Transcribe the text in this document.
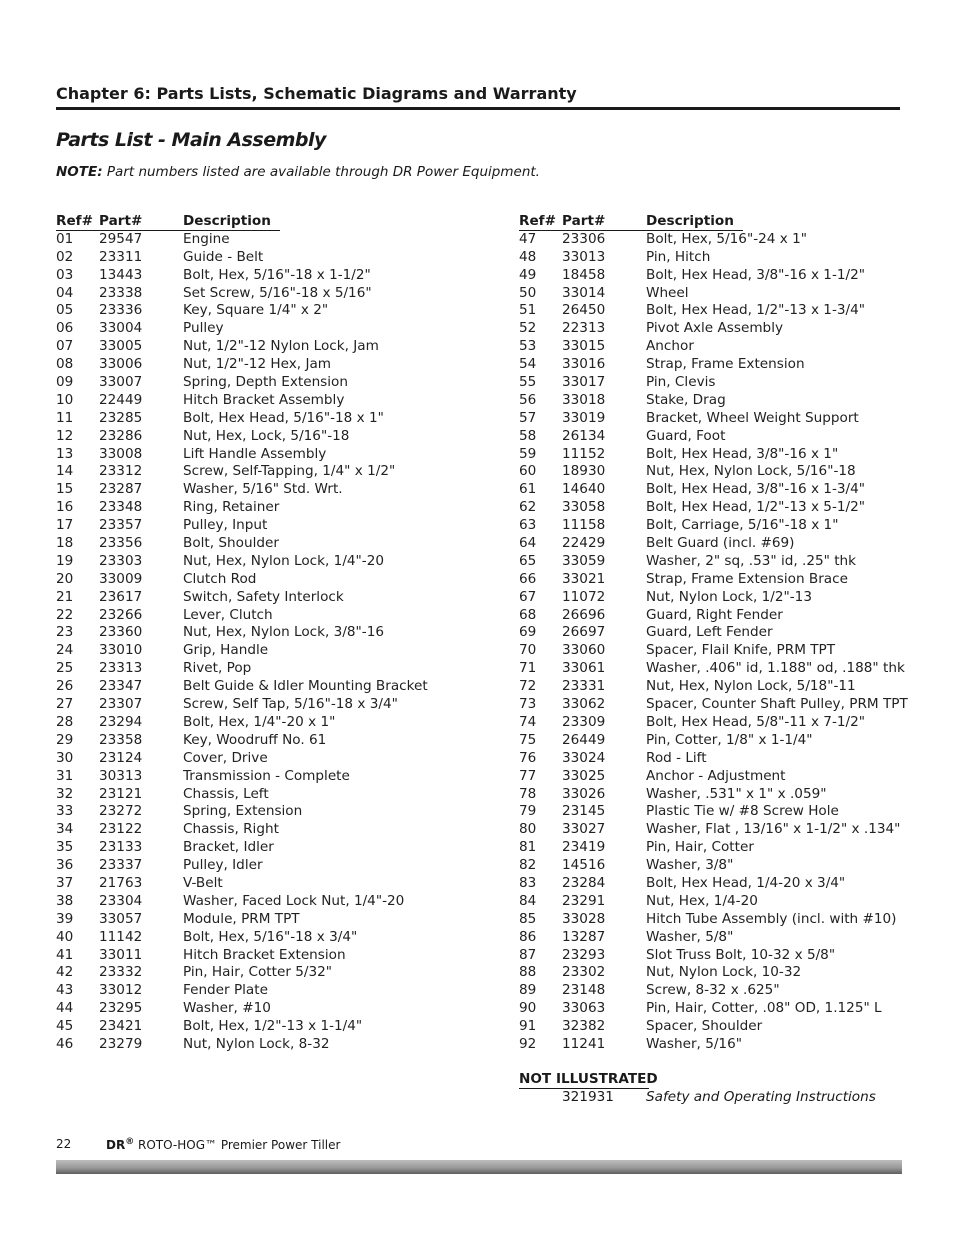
Chapter 6: Parts Lists, Schematic Diagrams and Warranty
Parts List - Main Assembly
NOTE: Part numbers listed are available through DR Power Equipment.
Ref# Part#	Description
01 29547	Engine
02 23311	Guide - Belt
03 13443	Bolt, Hex, 5/16"-18 x 1-1/2"
04 23338	Set Screw, 5/16"-18 x 5/16"
05 23336	Key, Square 1/4" x 2"
06 33004	Pulley
07 33005	Nut, 1/2"-12 Nylon Lock, Jam
08 33006	Nut, 1/2"-12 Hex, Jam
09 33007	Spring, Depth Extension
10 22449	Hitch Bracket Assembly
11 23285	Bolt, Hex Head, 5/16"-18 x 1"
12 23286	Nut, Hex, Lock, 5/16"-18
13 33008	Lift Handle Assembly
14 23312	Screw, Self-Tapping, 1/4" x 1/2"
15 23287	Washer, 5/16" Std. Wrt.
16 23348	Ring, Retainer
17 23357	Pulley, Input
18 23356	Bolt, Shoulder
19 23303	Nut, Hex, Nylon Lock, 1/4"-20
20 33009	Clutch Rod
21 23617	Switch, Safety Interlock
22 23266	Lever, Clutch
23 23360	Nut, Hex, Nylon Lock, 3/8"-16
24 33010	Grip, Handle
25 23313	Rivet, Pop
26 23347	Belt Guide & Idler Mounting Bracket
27 23307	Screw, Self Tap, 5/16"-18 x 3/4"
28 23294	Bolt, Hex, 1/4"-20 x 1"
29 23358	Key, Woodruff No. 61
30 23124	Cover, Drive
31 30313	Transmission - Complete
32 23121	Chassis, Left
33 23272	Spring, Extension
34 23122	Chassis, Right
35 23133	Bracket, Idler
36 23337	Pulley, Idler
37 21763	V-Belt
38 23304	Washer, Faced Lock Nut, 1/4"-20
39 33057	Module, PRM TPT
40 11142	Bolt, Hex, 5/16"-18 x 3/4"
41 33011	Hitch Bracket Extension
42 23332	Pin, Hair, Cotter 5/32"
43 33012	Fender Plate
44 23295	Washer, #10
45 23421	Bolt, Hex, 1/2"-13 x 1-1/4"
46 23279	Nut, Nylon Lock, 8-32
Ref# Part#	Description
47 23306	Bolt, Hex, 5/16"-24 x 1"
48 33013	Pin, Hitch
49 18458	Bolt, Hex Head, 3/8"-16 x 1-1/2"
50 33014	Wheel
51 26450	Bolt, Hex Head, 1/2"-13 x 1-3/4"
52 22313	Pivot Axle Assembly
53 33015	Anchor
54 33016	Strap, Frame Extension
55 33017	Pin, Clevis
56 33018	Stake, Drag
57 33019	Bracket, Wheel Weight Support
58 26134	Guard, Foot
59 11152	Bolt, Hex Head, 3/8"-16 x 1"
60 18930	Nut, Hex, Nylon Lock, 5/16"-18
61 14640	Bolt, Hex Head, 3/8"-16 x 1-3/4"
62 33058	Bolt, Hex Head, 1/2"-13 x 5-1/2"
63 11158	Bolt, Carriage, 5/16"-18 x 1"
64 22429	Belt Guard (incl. #69)
65 33059	Washer, 2" sq, .53" id, .25" thk
66 33021	Strap, Frame Extension Brace
67 11072	Nut, Nylon Lock, 1/2"-13
68 26696	Guard, Right Fender
69 26697	Guard, Left Fender
70 33060	Spacer, Flail Knife, PRM TPT
71 33061	Washer, .406" id, 1.188" od, .188" thk
72 23331	Nut, Hex, Nylon Lock, 5/18"-11
73 33062	Spacer, Counter Shaft Pulley, PRM TPT
74 23309	Bolt, Hex Head, 5/8"-11 x 7-1/2"
75 26449	Pin, Cotter, 1/8" x 1-1/4"
76 33024	Rod - Lift
77 33025	Anchor - Adjustment
78 33026	Washer, .531" x 1" x .059"
79 23145	Plastic Tie w/ #8 Screw Hole
80 33027	Washer, Flat , 13/16" x 1-1/2" x .134"
81 23419	Pin, Hair, Cotter
82 14516	Washer, 3/8"
83 23284	Bolt, Hex Head, 1/4-20 x 3/4"
84 23291	Nut, Hex, 1/4-20
85 33028	Hitch Tube Assembly (incl. with #10)
86 13287	Washer, 5/8"
87 23293	Slot Truss Bolt, 10-32 x 5/8"
88 23302	Nut, Nylon Lock, 10-32
89 23148	Screw, 8-32 x .625"
90 33063	Pin, Hair, Cotter, .08" OD, 1.125" L
91 32382	Spacer, Shoulder
92 11241	Washer, 5/16"
NOT ILLUSTRATED
321931 Safety and Operating Instructions
22	DR® ROTO-HOG™ Premier Power Tiller
